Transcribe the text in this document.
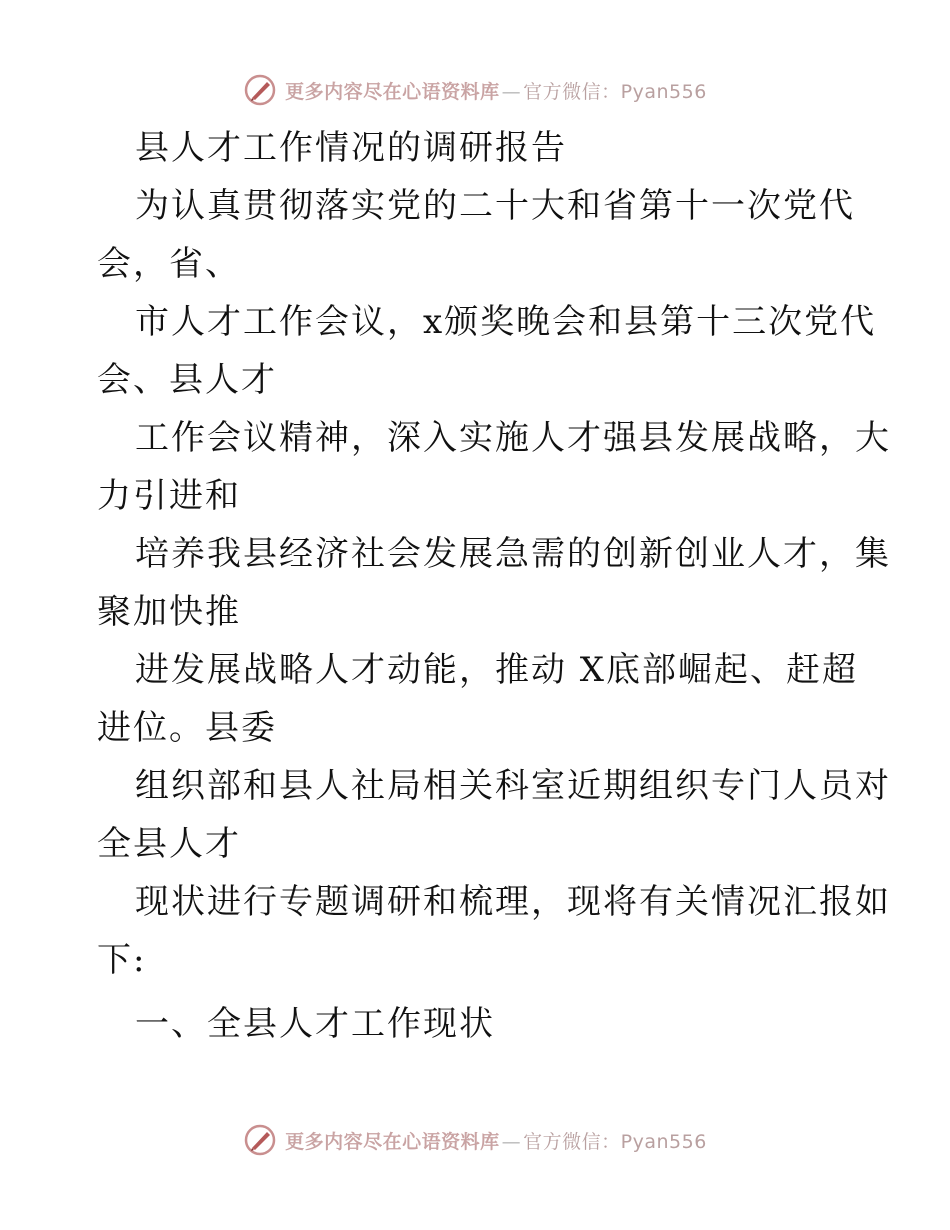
更多内容尽在心语资料库 — 官方微信：Pyan556
县人才工作情况的调研报告
为认真贯彻落实党的二十大和省第十一次党代
会，省、
市人才工作会议，x颁奖晚会和县第十三次党代
会、县人才
工作会议精神，深入实施人才强县发展战略，大
力引进和
培养我县经济社会发展急需的创新创业人才，集
聚加快推
进发展战略人才动能，推动 X底部崛起、赶超
进位。县委
组织部和县人社局相关科室近期组织专门人员对
全县人才
现状进行专题调研和梳理，现将有关情况汇报如
下:
一、全县人才工作现状
更多内容尽在心语资料库 — 官方微信：Pyan556
